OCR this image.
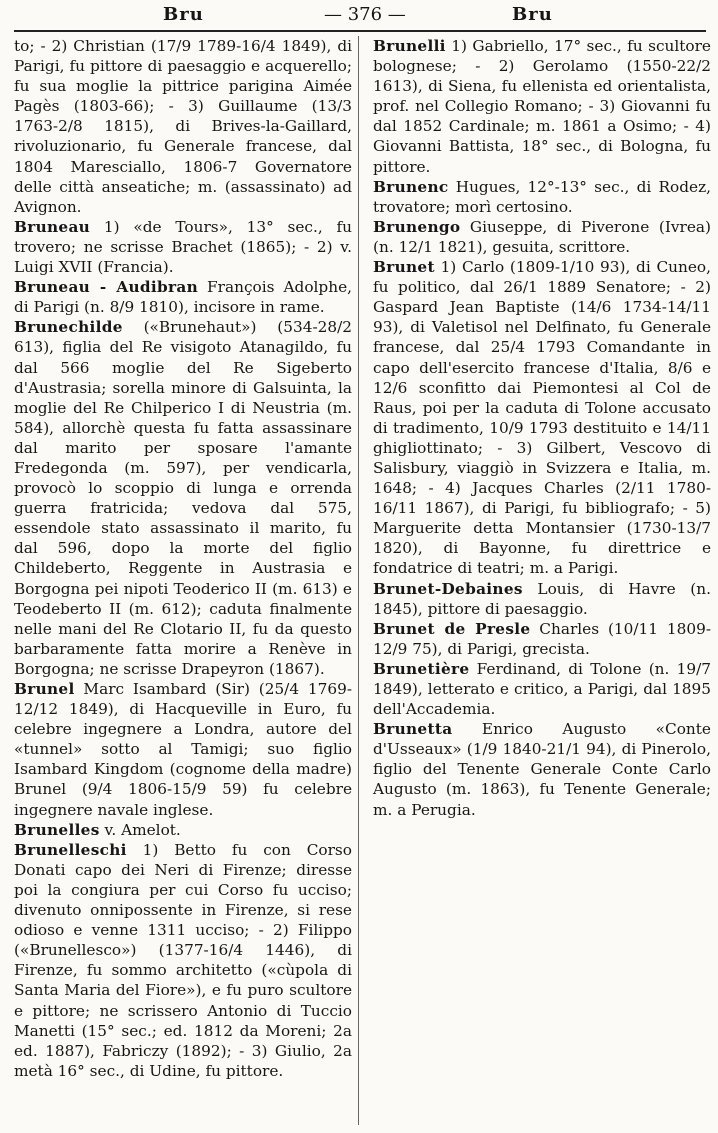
Bru	— 376 —	Bru

to; - 2) Christian (17/9 1789-16/4 1849), di Parigi, fu pittore di paesaggio e acquerello; fu sua moglie la pittrice parigina Aimée Pagès (1803-66); - 3) Guillaume (13/3 1763-2/8 1815), di Brives-la-Gaillard, rivoluzionario, fu Generale francese, dal 1804 Maresciallo, 1806-7 Governatore delle città anseatiche; m. (assassinato) ad Avignon.

Bruneau 1) «de Tours», 13° sec., fu trovero; ne scrisse Brachet (1865); - 2) v. Luigi XVII (Francia).

Bruneau - Audibran François Adolphe, di Parigi (n. 8/9 1810), incisore in rame.

Brunechilde («Brunehaut») (534-28/2 613), figlia del Re visigoto Atanagildo, fu dal 566 moglie del Re Sigeberto d'Austrasia; sorella minore di Galsuinta, la moglie del Re Chilperico I di Neustria (m. 584), allorchè questa fu fatta assassinare dal marito per sposare l'amante Fredegonda (m. 597), per vendicarla, provocò lo scoppio di lunga e orrenda guerra fratricida; vedova dal 575, essendole stato assassinato il marito, fu dal 596, dopo la morte del figlio Childeberto, Reggente in Austrasia e Borgogna pei nipoti Teoderico II (m. 613) e Teodeberto II (m. 612); caduta finalmente nelle mani del Re Clotario II, fu da questo barbaramente fatta morire a Renève in Borgogna; ne scrisse Drapeyron (1867).

Brunel Marc Isambard (Sir) (25/4 1769-12/12 1849), di Hacqueville in Euro, fu celebre ingegnere a Londra, autore del «tunnel» sotto al Tamigi; suo figlio Isambard Kingdom (cognome della madre) Brunel (9/4 1806-15/9 59) fu celebre ingegnere navale inglese.

Brunelles v. Amelot.

Brunelleschi 1) Betto fu con Corso Donati capo dei Neri di Firenze; diresse poi la congiura per cui Corso fu ucciso; divenuto onnipossente in Firenze, si rese odioso e venne 1311 ucciso; - 2) Filippo («Brunellesco») (1377-16/4 1446), di Firenze, fu sommo architetto («cùpola di Santa Maria del Fiore»), e fu puro scultore e pittore; ne scrissero Antonio di Tuccio Manetti (15° sec.; ed. 1812 da Moreni; 2a ed. 1887), Fabriczy (1892); - 3) Giulio, 2a metà 16° sec., di Udine, fu pittore.

Brunelli 1) Gabriello, 17° sec., fu scultore bolognese; - 2) Gerolamo (1550-22/2 1613), di Siena, fu ellenista ed orientalista, prof. nel Collegio Romano; - 3) Giovanni fu dal 1852 Cardinale; m. 1861 a Osimo; - 4) Giovanni Battista, 18° sec., di Bologna, fu pittore.

Brunenc Hugues, 12°-13° sec., di Rodez, trovatore; morì certosino.

Brunengo Giuseppe, di Piverone (Ivrea) (n. 12/1 1821), gesuita, scrittore.

Brunet 1) Carlo (1809-1/10 93), di Cuneo, fu politico, dal 26/1 1889 Senatore; - 2) Gaspard Jean Baptiste (14/6 1734-14/11 93), di Valetisol nel Delfinato, fu Generale francese, dal 25/4 1793 Comandante in capo dell'esercito francese d'Italia, 8/6 e 12/6 sconfitto dai Piemontesi al Col de Raus, poi per la caduta di Tolone accusato di tradimento, 10/9 1793 destituito e 14/11 ghigliottinato; - 3) Gilbert, Vescovo di Salisbury, viaggiò in Svizzera e Italia, m. 1648; - 4) Jacques Charles (2/11 1780-16/11 1867), di Parigi, fu bibliografo; - 5) Marguerite detta Montansier (1730-13/7 1820), di Bayonne, fu direttrice e fondatrice di teatri; m. a Parigi.

Brunet-Debaines Louis, di Havre (n. 1845), pittore di paesaggio.

Brunet de Presle Charles (10/11 1809-12/9 75), di Parigi, grecista.

Brunetière Ferdinand, di Tolone (n. 19/7 1849), letterato e critico, a Parigi, dal 1895 dell'Accademia.

Brunetta Enrico Augusto «Conte d'Usseaux» (1/9 1840-21/1 94), di Pinerolo, figlio del Tenente Generale Conte Carlo Augusto (m. 1863), fu Tenente Generale; m. a Perugia.
